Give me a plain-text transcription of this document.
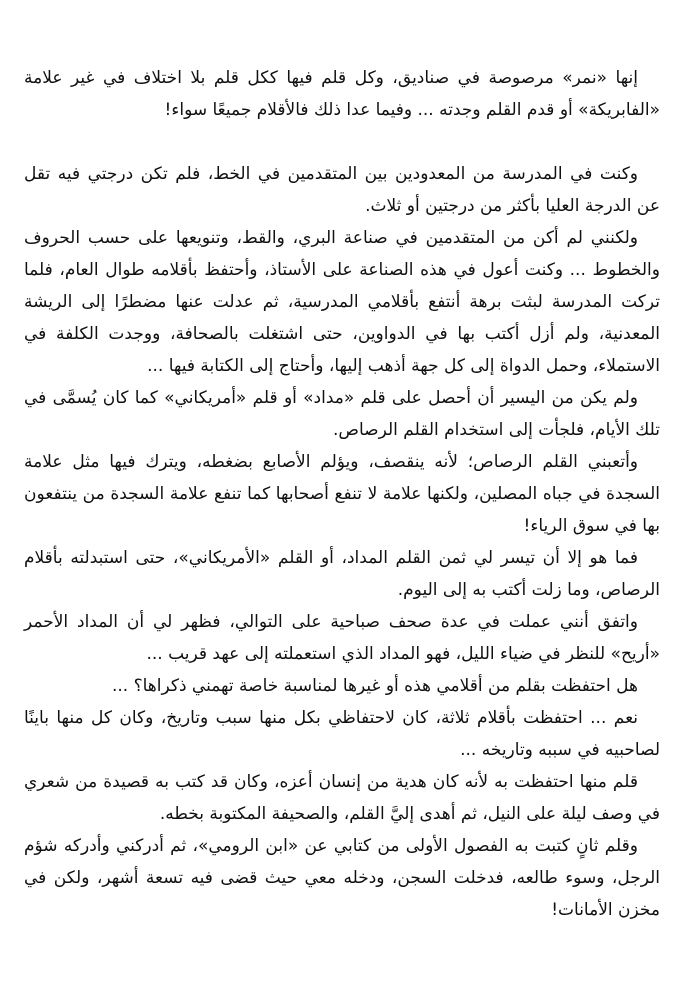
إنها «نمر» مرصوصة في صناديق، وكل قلم فيها ككل قلم بلا اختلاف في غير علامة «الفابريكة» أو قدم القلم وجدته ... وفيما عدا ذلك فالأقلام جميعًا سواء!

وكنت في المدرسة من المعدودين بين المتقدمين في الخط، فلم تكن درجتي فيه تقل عن الدرجة العليا بأكثر من درجتين أو ثلاث.

ولكنني لم أكن من المتقدمين في صناعة البري، والقط، وتنويعها على حسب الحروف والخطوط ... وكنت أعول في هذه الصناعة على الأستاذ، وأحتفظ بأقلامه طوال العام، فلما تركت المدرسة لبثت برهة أنتفع بأقلامي المدرسية، ثم عدلت عنها مضطرًا إلى الريشة المعدنية، ولم أزل أكتب بها في الدواوين، حتى اشتغلت بالصحافة، ووجدت الكلفة في الاستملاء، وحمل الدواة إلى كل جهة أذهب إليها، وأحتاج إلى الكتابة فيها ...

ولم يكن من اليسير أن أحصل على قلم «مداد» أو قلم «أمريكاني» كما كان يُسمَّى في تلك الأيام، فلجأت إلى استخدام القلم الرصاص.

وأتعبني القلم الرصاص؛ لأنه ينقصف، ويؤلم الأصابع بضغطه، ويترك فيها مثل علامة السجدة في جباه المصلين، ولكنها علامة لا تنفع أصحابها كما تنفع علامة السجدة من ينتفعون بها في سوق الرياء!

فما هو إلا أن تيسر لي ثمن القلم المداد، أو القلم «الأمريكاني»، حتى استبدلته بأقلام الرصاص، وما زلت أكتب به إلى اليوم.

واتفق أنني عملت في عدة صحف صباحية على التوالي، فظهر لي أن المداد الأحمر «أريح» للنظر في ضياء الليل، فهو المداد الذي استعملته إلى عهد قريب ...

هل احتفظت بقلم من أقلامي هذه أو غيرها لمناسبة خاصة تهمني ذكراها؟ ...

نعم ... احتفظت بأقلام ثلاثة، كان لاحتفاظي بكل منها سبب وتاريخ، وكان كل منها باينًا لصاحبيه في سببه وتاريخه ...

قلم منها احتفظت به لأنه كان هدية من إنسان أعزه، وكان قد كتب به قصيدة من شعري في وصف ليلة على النيل، ثم أهدى إليَّ القلم، والصحيفة المكتوبة بخطه.

وقلم ثانٍ كتبت به الفصول الأولى من كتابي عن «ابن الرومي»، ثم أدركني وأدركه شؤم الرجل، وسوء طالعه، فدخلت السجن، ودخله معي حيث قضى فيه تسعة أشهر، ولكن في مخزن الأمانات!
